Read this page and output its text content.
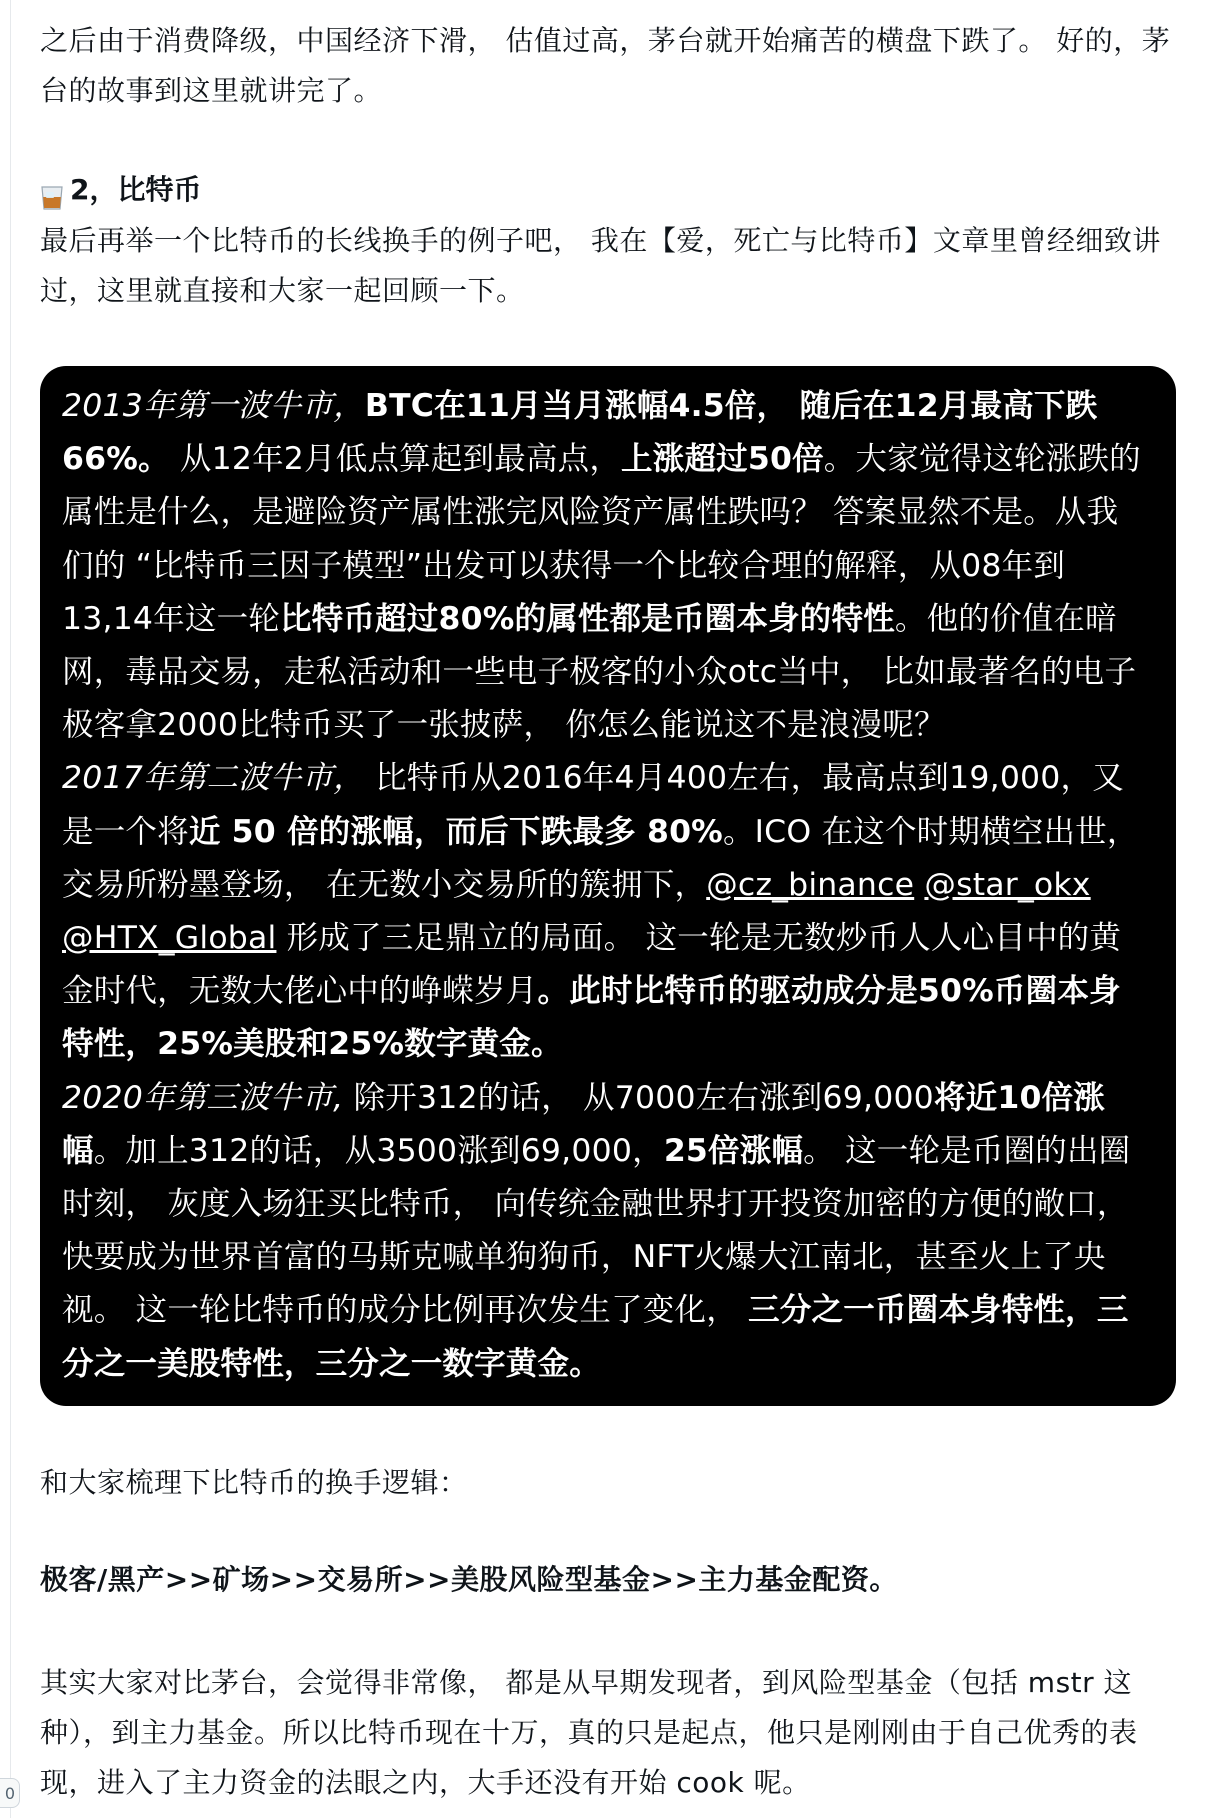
0

之后由于消费降级，中国经济下滑， 估值过高，茅台就开始痛苦的横盘下跌了。 好的，茅台的故事到这里就讲完了。

2，比特币

最后再举一个比特币的长线换手的例子吧， 我在【爱，死亡与比特币】文章里曾经细致讲过，这里就直接和大家一起回顾一下。

2013年第一波牛市，BTC在11月当月涨幅4.5倍， 随后在12月最高下跌66%。 从12年2月低点算起到最高点，上涨超过50倍。大家觉得这轮涨跌的属性是什么，是避险资产属性涨完风险资产属性跌吗？ 答案显然不是。从我们的 “比特币三因子模型”出发可以获得一个比较合理的解释，从08年到13,14年这一轮比特币超过80%的属性都是币圈本身的特性。他的价值在暗网，毒品交易，走私活动和一些电子极客的小众otc当中， 比如最著名的电子极客拿2000比特币买了一张披萨， 你怎么能说这不是浪漫呢？

2017年第二波牛市， 比特币从2016年4月400左右，最高点到19,000，又是一个将近 50 倍的涨幅，而后下跌最多 80%。ICO 在这个时期横空出世，交易所粉墨登场， 在无数小交易所的簇拥下，@cz_binance @star_okx @HTX_Global 形成了三足鼎立的局面。 这一轮是无数炒币人人心目中的黄金时代，无数大佬心中的峥嵘岁月。此时比特币的驱动成分是50%币圈本身特性，25%美股和25%数字黄金。

2020年第三波牛市, 除开312的话， 从7000左右涨到69,000将近10倍涨幅。加上312的话，从3500涨到69,000，25倍涨幅。 这一轮是币圈的出圈时刻， 灰度入场狂买比特币， 向传统金融世界打开投资加密的方便的敞口，快要成为世界首富的马斯克喊单狗狗币，NFT火爆大江南北，甚至火上了央视。 这一轮比特币的成分比例再次发生了变化， 三分之一币圈本身特性，三分之一美股特性，三分之一数字黄金。

和大家梳理下比特币的换手逻辑：

极客/黑产>>矿场>>交易所>>美股风险型基金>>主力基金配资。

其实大家对比茅台，会觉得非常像， 都是从早期发现者，到风险型基金（包括 mstr 这种），到主力基金。所以比特币现在十万，真的只是起点，他只是刚刚由于自己优秀的表现，进入了主力资金的法眼之内，大手还没有开始 cook 呢。
